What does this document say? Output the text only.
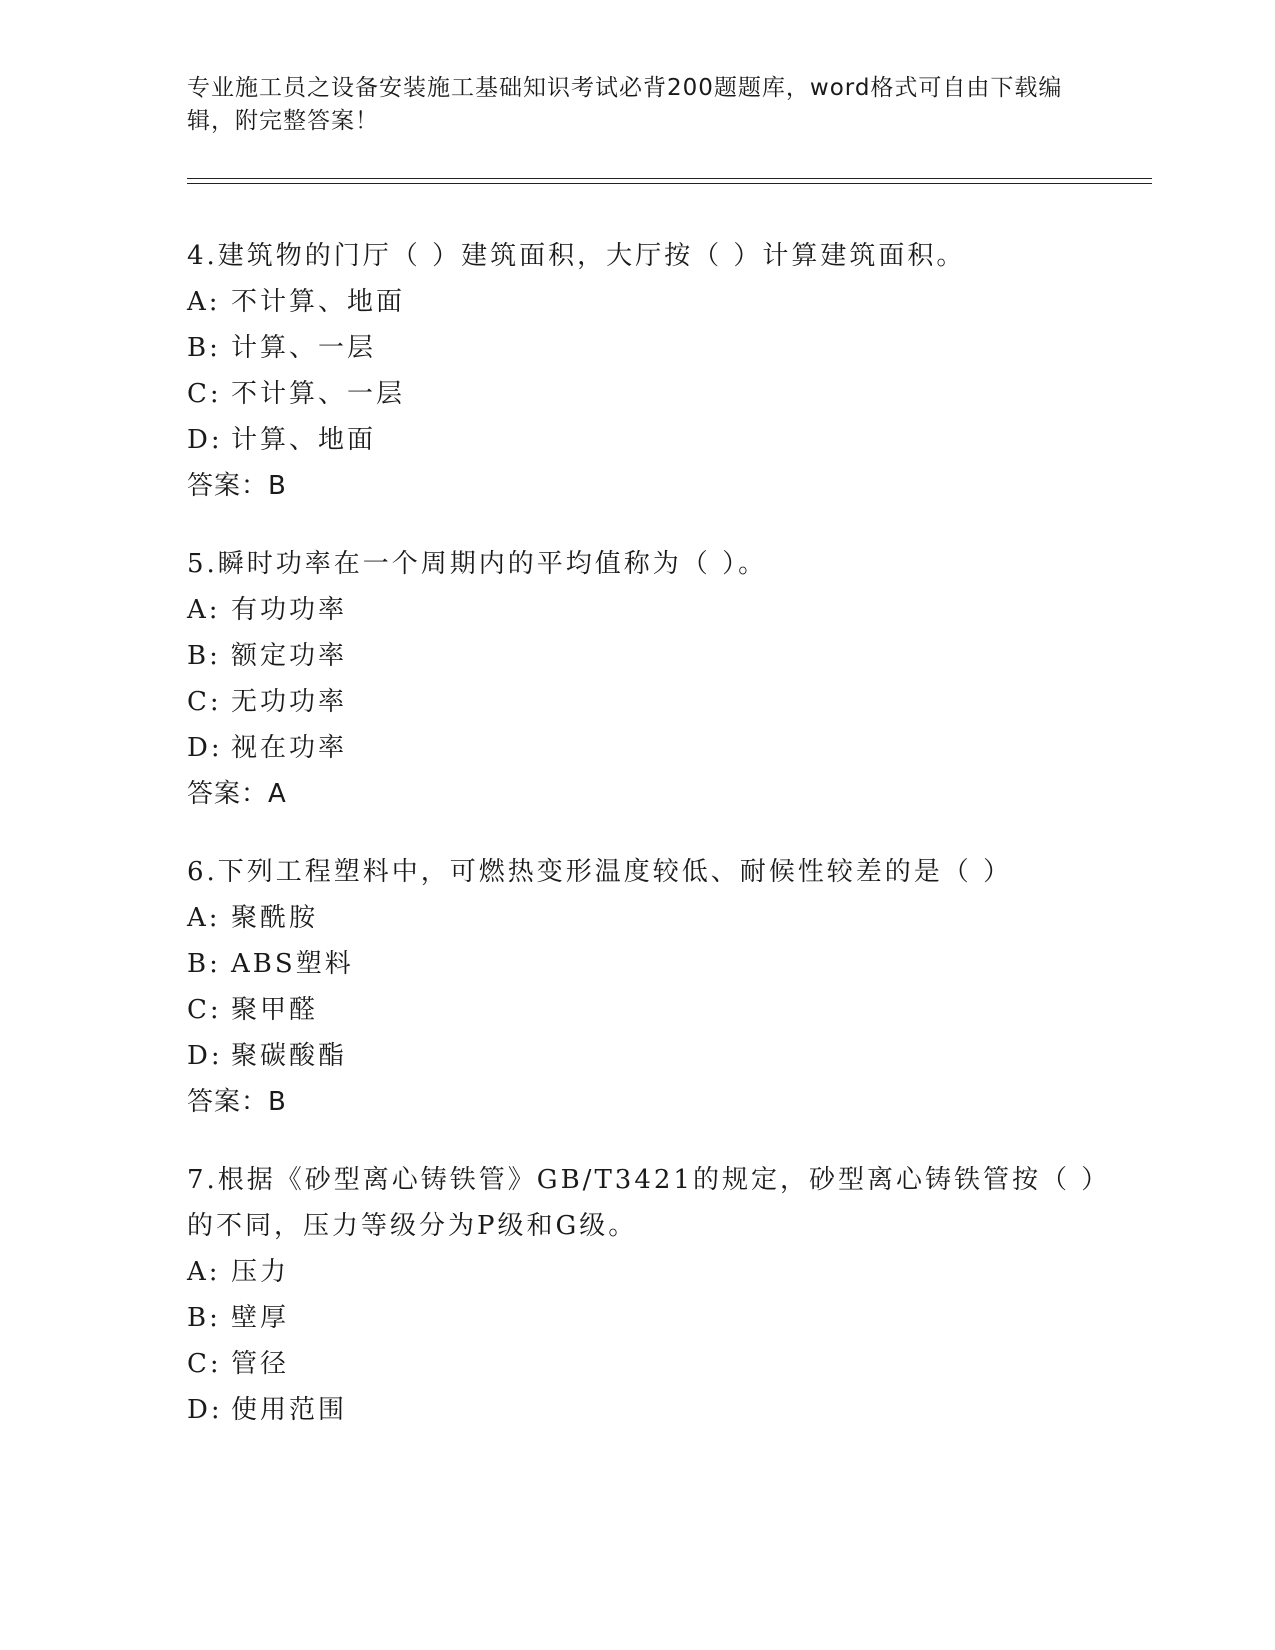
专业施工员之设备安装施工基础知识考试必背200题题库，word格式可自由下载编辑，附完整答案！
4.建筑物的门厅（ ）建筑面积，大厅按（ ）计算建筑面积。
A: 不计算、地面
B: 计算、一层
C: 不计算、一层
D: 计算、地面
答案：B
5.瞬时功率在一个周期内的平均值称为（ ）。
A: 有功功率
B: 额定功率
C: 无功功率
D: 视在功率
答案：A
6.下列工程塑料中，可燃热变形温度较低、耐候性较差的是（ ）
A: 聚酰胺
B: ABS塑料
C: 聚甲醛
D: 聚碳酸酯
答案：B
7.根据《砂型离心铸铁管》GB/T3421的规定，砂型离心铸铁管按（ ）的不同，压力等级分为P级和G级。
A: 压力
B: 壁厚
C: 管径
D: 使用范围
